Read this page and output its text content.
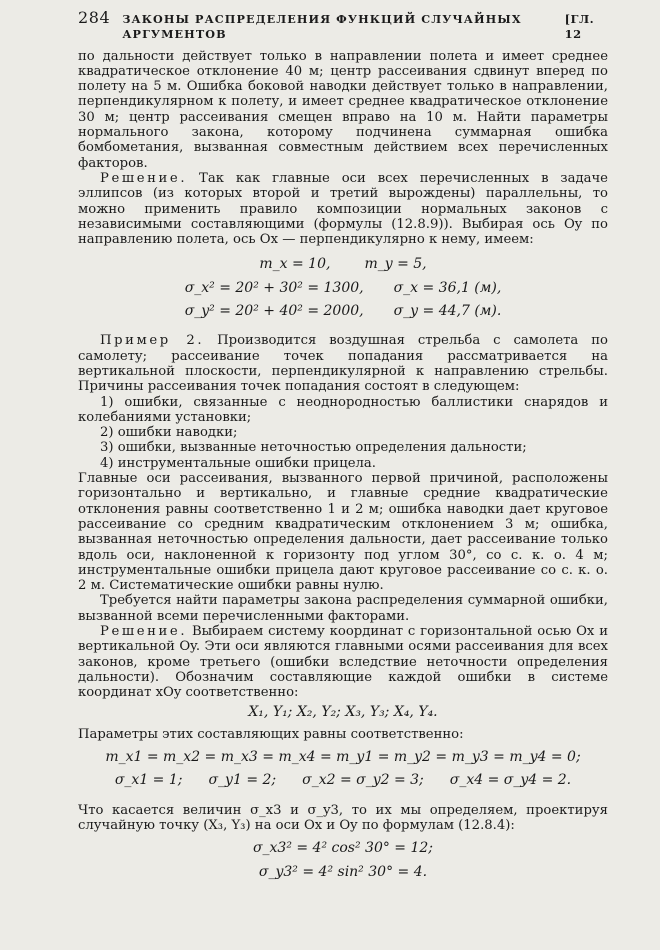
284 ЗАКОНЫ РАСПРЕДЕЛЕНИЯ ФУНКЦИЙ СЛУЧАЙНЫХ АРГУМЕНТОВ
[ГЛ. 12

по дальности действует только в направлении полета и имеет среднее квадратическое отклонение 40 м; центр рассеивания сдвинут вперед по полету на 5 м. Ошибка боковой наводки действует только в направлении, перпендикулярном к полету, и имеет среднее квадратическое отклонение 30 м; центр рассеивания смещен вправо на 10 м. Найти параметры нормального закона, которому подчинена суммарная ошибка бомбометания, вызванная совместным действием всех перечисленных факторов.

Решение. Так как главные оси всех перечисленных в задаче эллипсов (из которых второй и третий вырождены) параллельны, то можно применить правило композиции нормальных законов с независимыми составляющими (формулы (12.8.9)). Выбирая ось Oy по направлению полета, ось Ox — перпендикулярно к нему, имеем:

m_x = 10, m_y = 5,
σ_x² = 20² + 30² = 1300, σ_x = 36,1 (м),
σ_y² = 20² + 40² = 2000, σ_y = 44,7 (м).

Пример 2. Производится воздушная стрельба с самолета по самолету; рассеивание точек попадания рассматривается на вертикальной плоскости, перпендикулярной к направлению стрельбы. Причины рассеивания точек попадания состоят в следующем:

1) ошибки, связанные с неоднородностью баллистики снарядов и колебаниями установки;

2) ошибки наводки;

3) ошибки, вызванные неточностью определения дальности;

4) инструментальные ошибки прицела.

Главные оси рассеивания, вызванного первой причиной, расположены горизонтально и вертикально, и главные средние квадратические отклонения равны соответственно 1 и 2 м; ошибка наводки дает круговое рассеивание со средним квадратическим отклонением 3 м; ошибка, вызванная неточностью определения дальности, дает рассеивание только вдоль оси, наклоненной к горизонту под углом 30°, со с. к. о. 4 м; инструментальные ошибки прицела дают круговое рассеивание со с. к. о. 2 м. Систематические ошибки равны нулю.

Требуется найти параметры закона распределения суммарной ошибки, вызванной всеми перечисленными факторами.

Решение. Выбираем систему координат с горизонтальной осью Ox и вертикальной Oy. Эти оси являются главными осями рассеивания для всех законов, кроме третьего (ошибки вследствие неточности определения дальности). Обозначим составляющие каждой ошибки в системе координат xOy соответственно:

X₁, Y₁; X₂, Y₂; X₃, Y₃; X₄, Y₄.

Параметры этих составляющих равны соответственно:

m_x1 = m_x2 = m_x3 = m_x4 = m_y1 = m_y2 = m_y3 = m_y4 = 0;
σ_x1 = 1; σ_y1 = 2; σ_x2 = σ_y2 = 3; σ_x4 = σ_y4 = 2.

Что касается величин σ_x3 и σ_y3, то их мы определяем, проектируя случайную точку (X₃, Y₃) на оси Ox и Oy по формулам (12.8.4):

σ_x3² = 4² cos² 30° = 12;
σ_y3² = 4² sin² 30° = 4.
